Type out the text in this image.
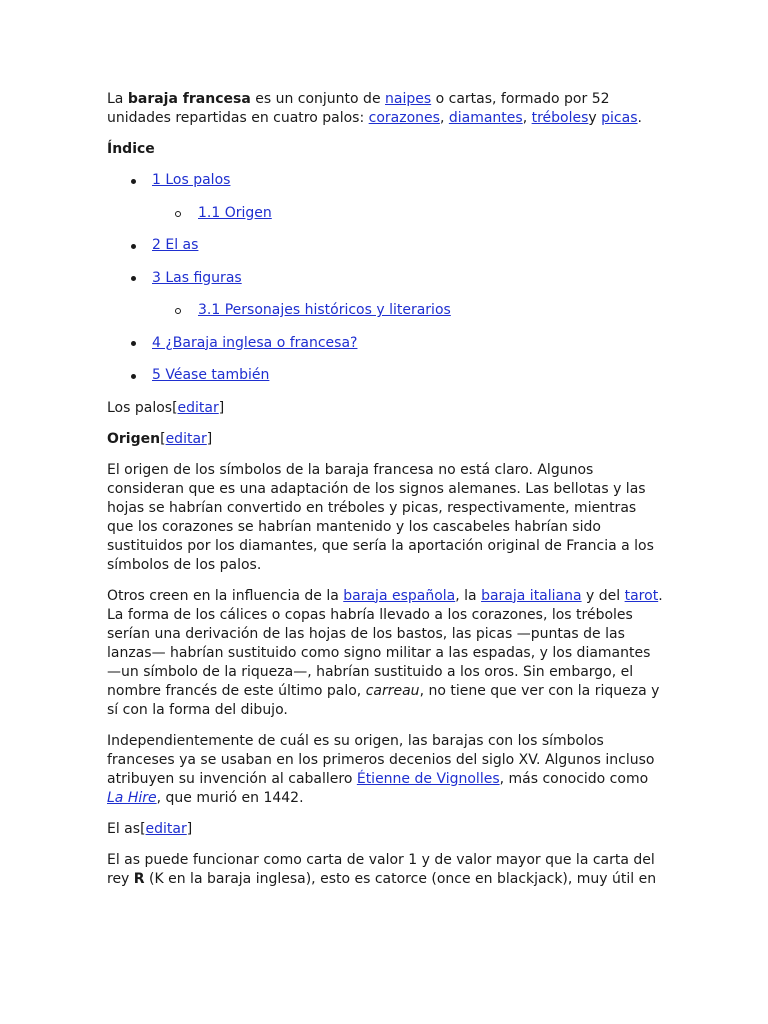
La baraja francesa es un conjunto de naipes o cartas, formado por 52 unidades repartidas en cuatro palos: corazones, diamantes, trébolesy picas.

Índice
1 Los palos
1.1 Origen
2 El as
3 Las figuras
3.1 Personajes históricos y literarios
4 ¿Baraja inglesa o francesa?
5 Véase también
Los palos[editar]
Origen[editar]

El origen de los símbolos de la baraja francesa no está claro. Algunos consideran que es una adaptación de los signos alemanes. Las bellotas y las hojas se habrían convertido en tréboles y picas, respectivamente, mientras que los corazones se habrían mantenido y los cascabeles habrían sido sustituidos por los diamantes, que sería la aportación original de Francia a los símbolos de los palos.

Otros creen en la influencia de la baraja española, la baraja italiana y del tarot. La forma de los cálices o copas habría llevado a los corazones, los tréboles serían una derivación de las hojas de los bastos, las picas —puntas de las lanzas— habrían sustituido como signo militar a las espadas, y los diamantes —un símbolo de la riqueza—, habrían sustituido a los oros. Sin embargo, el nombre francés de este último palo, carreau, no tiene que ver con la riqueza y sí con la forma del dibujo.

Independientemente de cuál es su origen, las barajas con los símbolos franceses ya se usaban en los primeros decenios del siglo XV. Algunos incluso atribuyen su invención al caballero Étienne de Vignolles, más conocido como La Hire, que murió en 1442.

El as[editar]

El as puede funcionar como carta de valor 1 y de valor mayor que la carta del rey R (K en la baraja inglesa), esto es catorce (once en blackjack), muy útil en
